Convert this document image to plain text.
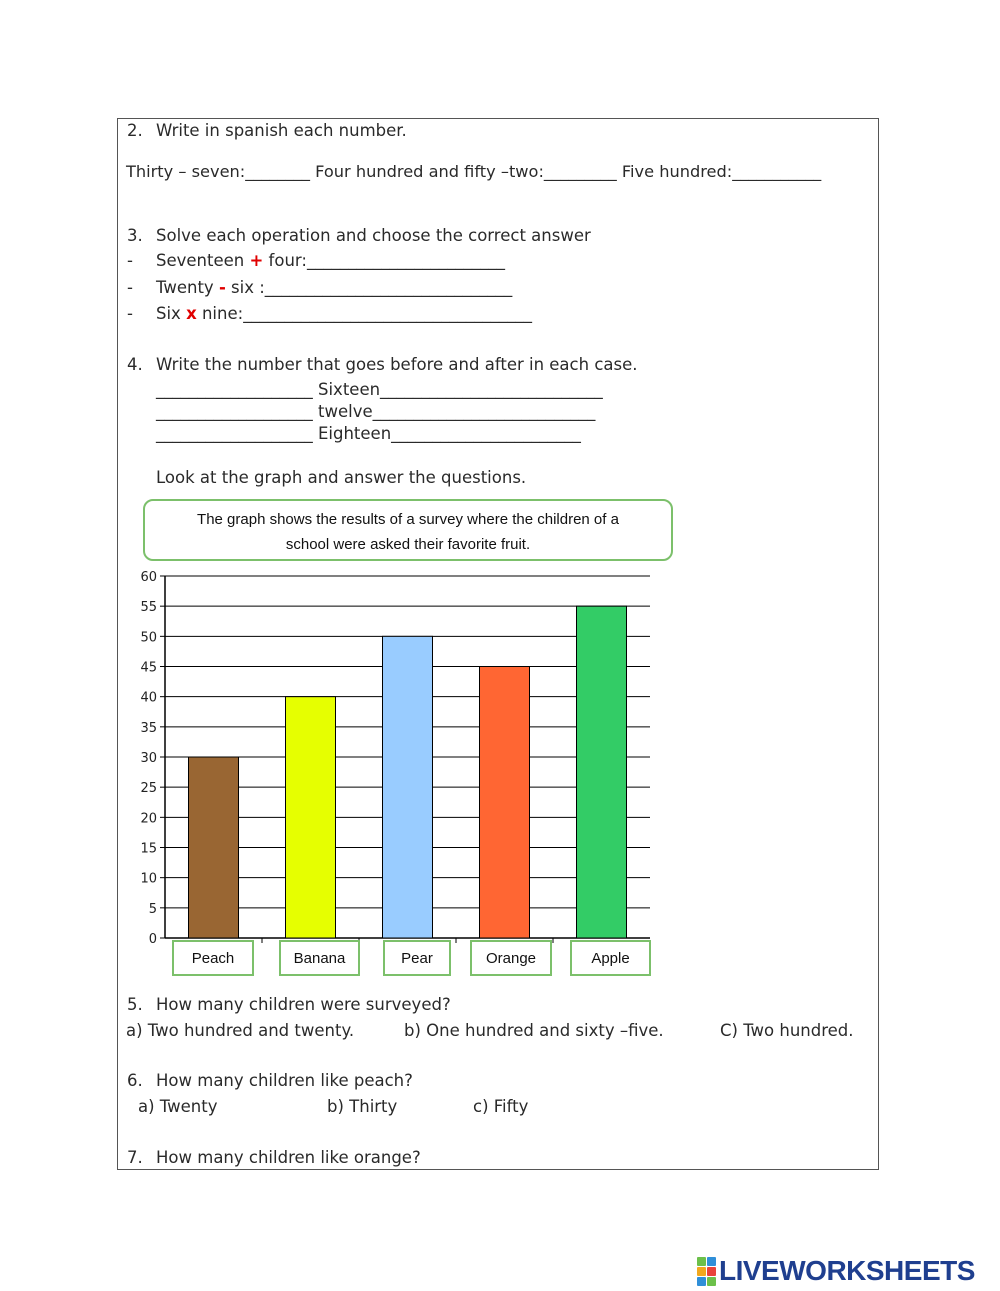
2. Write in spanish each number.
Thirty – seven:________ Four hundred and fifty –two:_________ Five hundred:___________
3. Solve each operation and choose the correct answer
- Seventeen + four:________________________
- Twenty - six :______________________________
- Six x nine:___________________________________
4. Write the number that goes before and after in each case.
___________________ Sixteen___________________________
___________________ twelve___________________________
___________________ Eighteen_______________________
Look at the graph and answer the questions.
The graph shows the results of a survey where the children of a
school were asked their favorite fruit.
0
5
10
15
20
25
30
35
40
45
50
55
60
Peach	Banana	Pear	Orange	Apple
5. How many children were surveyed?
a) Two hundred and twenty.	b) One hundred and sixty –five.	C) Two hundred.
6. How many children like peach?
a) Twenty	b) Thirty	c) Fifty
7. How many children like orange?
LIVEWORKSHEETS
